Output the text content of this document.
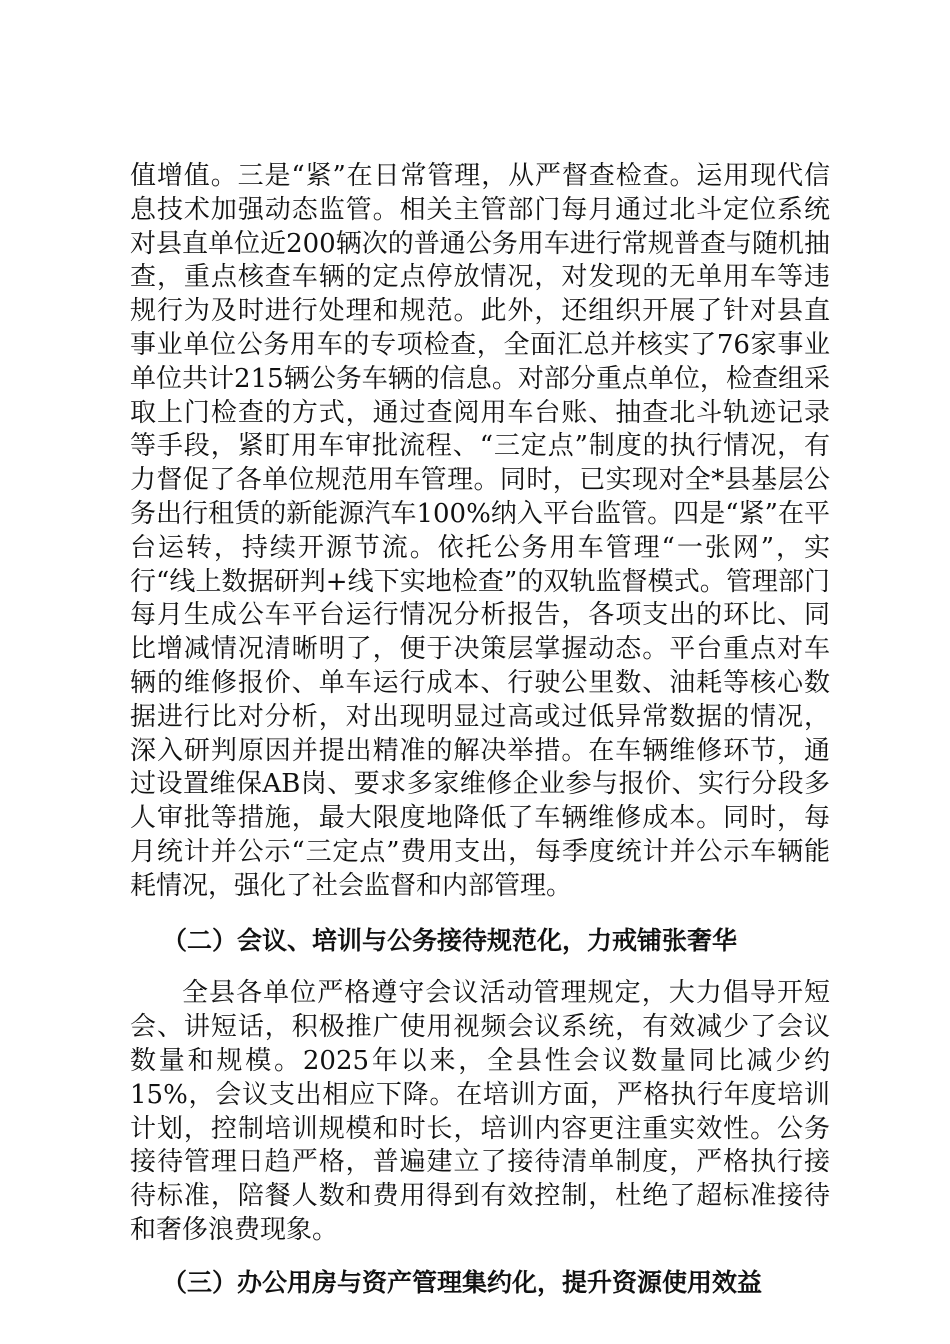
值增值。三是“紧”在日常管理，从严督查检查。运用现代信息技术加强动态监管。相关主管部门每月通过北斗定位系统对县直单位近200辆次的普通公务用车进行常规普查与随机抽查，重点核查车辆的定点停放情况，对发现的无单用车等违规行为及时进行处理和规范。此外，还组织开展了针对县直事业单位公务用车的专项检查，全面汇总并核实了76家事业单位共计215辆公务车辆的信息。对部分重点单位，检查组采取上门检查的方式，通过查阅用车台账、抽查北斗轨迹记录等手段，紧盯用车审批流程、“三定点”制度的执行情况，有力督促了各单位规范用车管理。同时，已实现对全*县基层公务出行租赁的新能源汽车100%纳入平台监管。四是“紧”在平台运转，持续开源节流。依托公务用车管理“一张网”，实行“线上数据研判+线下实地检查”的双轨监督模式。管理部门每月生成公车平台运行情况分析报告，各项支出的环比、同比增减情况清晰明了，便于决策层掌握动态。平台重点对车辆的维修报价、单车运行成本、行驶公里数、油耗等核心数据进行比对分析，对出现明显过高或过低异常数据的情况，深入研判原因并提出精准的解决举措。在车辆维修环节，通过设置维保AB岗、要求多家维修企业参与报价、实行分段多人审批等措施，最大限度地降低了车辆维修成本。同时，每月统计并公示“三定点”费用支出，每季度统计并公示车辆能耗情况，强化了社会监督和内部管理。

（二）会议、培训与公务接待规范化，力戒铺张奢华

全县各单位严格遵守会议活动管理规定，大力倡导开短会、讲短话，积极推广使用视频会议系统，有效减少了会议数量和规模。2025年以来，全县性会议数量同比减少约15%，会议支出相应下降。在培训方面，严格执行年度培训计划，控制培训规模和时长，培训内容更注重实效性。公务接待管理日趋严格，普遍建立了接待清单制度，严格执行接待标准，陪餐人数和费用得到有效控制，杜绝了超标准接待和奢侈浪费现象。

（三）办公用房与资产管理集约化，提升资源使用效益
